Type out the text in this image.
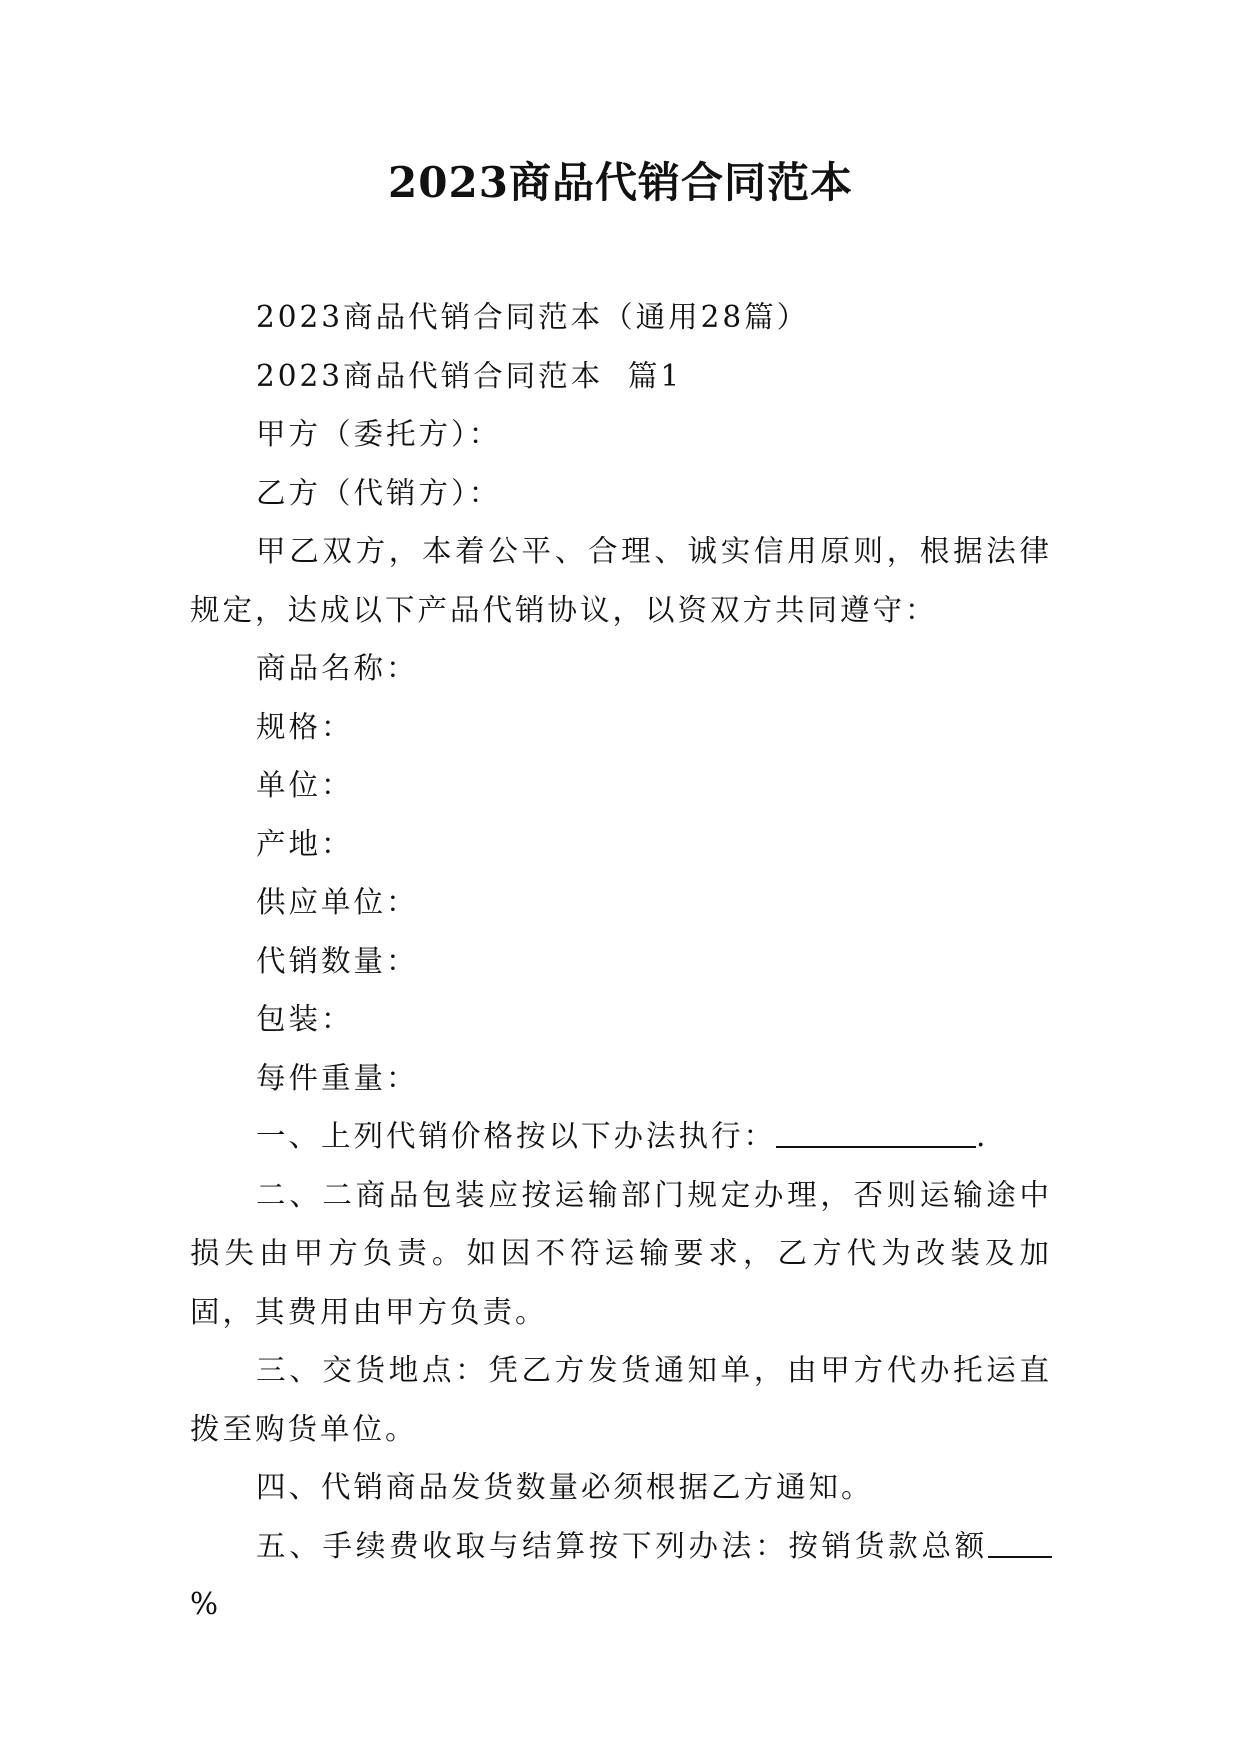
2023商品代销合同范本

2023商品代销合同范本（通用28篇）

2023商品代销合同范本  篇1

甲方（委托方）：

乙方（代销方）：

甲乙双方，本着公平、合理、诚实信用原则，根据法律规定，达成以下产品代销协议，以资双方共同遵守：

商品名称：

规格：

单位：

产地：

供应单位：

代销数量：

包装：

每件重量：

一、上列代销价格按以下办法执行：	.

二、二商品包装应按运输部门规定办理，否则运输途中损失由甲方负责。如因不符运输要求，乙方代为改装及加固，其费用由甲方负责。

三、交货地点：凭乙方发货通知单，由甲方代办托运直拨至购货单位。

四、代销商品发货数量必须根据乙方通知。

五、手续费收取与结算按下列办法：按销货款总额%
